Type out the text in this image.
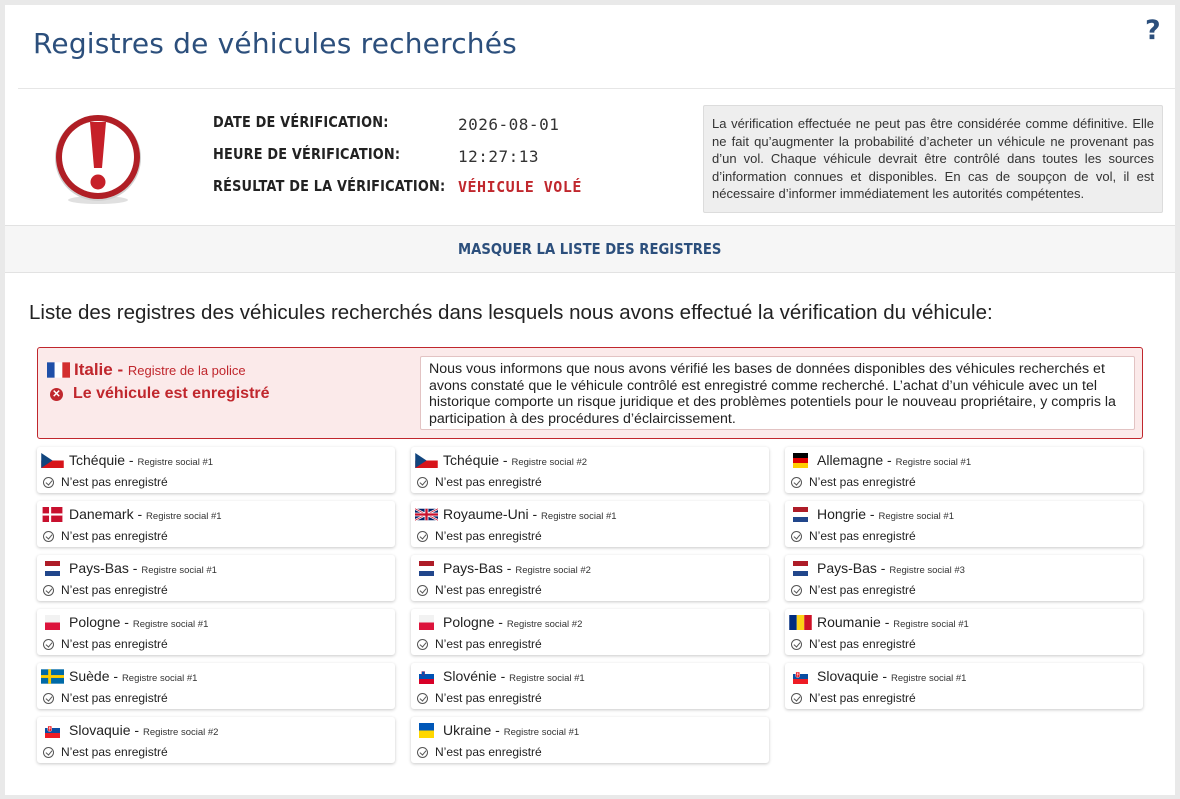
Registres de véhicules recherchés	?
DATE DE VÉRIFICATION:	2026-08-01
HEURE DE VÉRIFICATION:	12:27:13
RÉSULTAT DE LA VÉRIFICATION: VÉHICULE VOLÉ
La vérification effectuée ne peut pas être considérée comme définitive. Elle ne fait qu’augmenter la probabilité d’acheter un véhicule ne provenant pas d’un vol. Chaque véhicule devrait être contrôlé dans toutes les sources d’information connues et disponibles. En cas de soupçon de vol, il est nécessaire d’informer immédiatement les autorités compétentes.
MASQUER LA LISTE DES REGISTRES
Liste des registres des véhicules recherchés dans lesquels nous avons effectué la vérification du véhicule:
Italie - Registre de la police
✕ Le véhicule est enregistré
Nous vous informons que nous avons vérifié les bases de données disponibles des véhicules recherchés et avons constaté que le véhicule contrôlé est enregistré comme recherché. L’achat d’un véhicule avec un tel historique comporte un risque juridique et des problèmes potentiels pour le nouveau propriétaire, y compris la participation à des procédures d’éclaircissement.
Tchéquie - Registre social #1
N’est pas enregistré
Tchéquie - Registre social #2
N’est pas enregistré
Allemagne - Registre social #1
N’est pas enregistré
Danemark - Registre social #1
N’est pas enregistré
Royaume-Uni - Registre social #1
N’est pas enregistré
Hongrie - Registre social #1
N’est pas enregistré
Pays-Bas - Registre social #1
N’est pas enregistré
Pays-Bas - Registre social #2
N’est pas enregistré
Pays-Bas - Registre social #3
N’est pas enregistré
Pologne - Registre social #1
N’est pas enregistré
Pologne - Registre social #2
N’est pas enregistré
Roumanie - Registre social #1
N’est pas enregistré
Suède - Registre social #1
N’est pas enregistré
Slovénie - Registre social #1
N’est pas enregistré
Slovaquie - Registre social #1
N’est pas enregistré
Slovaquie - Registre social #2
N’est pas enregistré
Ukraine - Registre social #1
N’est pas enregistré
